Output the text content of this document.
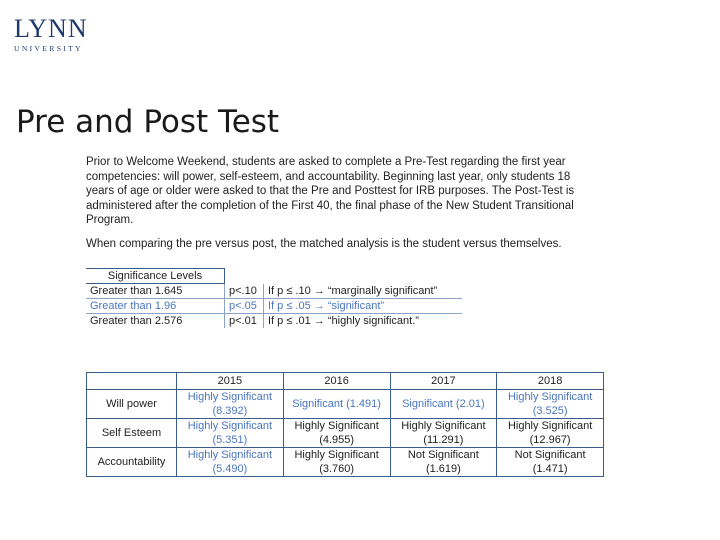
LYNN
UNIVERSITY
Pre and Post Test

Prior to Welcome Weekend, students are asked to complete a Pre-Test regarding the first year competencies: will power, self-esteem, and accountability. Beginning last year, only students 18 years of age or older were asked to that the Pre and Posttest for IRB purposes. The Post-Test is administered after the completion of the First 40, the final phase of the New Student Transitional Program.

When comparing the pre versus post, the matched analysis is the student versus themselves.

Significance Levels		
Greater than 1.645	p<.10	If p ≤ .10 → “marginally significant”
Greater than 1.96	p<.05	If p ≤ .05 → “significant”
Greater than 2.576	p<.01	If p ≤ .01 → “highly significant.”
	2015	2016	2017	2018
Will power	Highly Significant (8.392)	Significant (1.491)	Significant (2.01)	Highly Significant (3.525)
Self Esteem	Highly Significant (5.351)	Highly Significant (4.955)	Highly Significant (11.291)	Highly Significant (12.967)
Accountability	Highly Significant (5.490)	Highly Significant (3.760)	Not Significant (1.619)	Not Significant (1.471)
